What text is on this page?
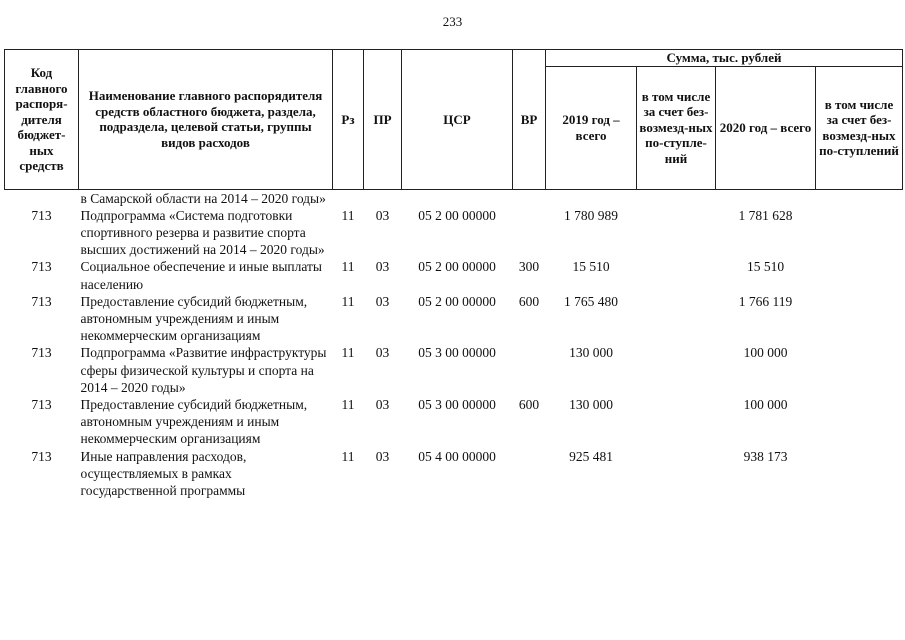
233
Код главного распоря-дителя бюджет-ных средств	Наименование главного распорядителя средств областного бюджета, раздела, подраздела, целевой статьи, группы видов расходов	Рз	ПР	ЦСР	ВР	Сумма, тыс. рублей			
						2019 год – всего	в том числе за счет без-возмезд-ных по-ступле-ний	2020 год – всего	в том числе за счет без-возмезд-ных по-ступлений
	в Самарской области на 2014 – 2020 годы»								
713	Подпрограмма «Система подготовки спортивного резерва и развитие спорта высших достижений на 2014 – 2020 годы»	11	03	05 2 00 00000		1 780 989		1 781 628	
713	Социальное обеспечение и иные выплаты населению	11	03	05 2 00 00000	300	15 510		15 510	
713	Предоставление субсидий бюджетным, автономным учреждениям и иным некоммерческим организациям	11	03	05 2 00 00000	600	1 765 480		1 766 119	
713	Подпрограмма «Развитие инфраструктуры сферы физической культуры и спорта на 2014 – 2020 годы»	11	03	05 3 00 00000		130 000		100 000	
713	Предоставление субсидий бюджетным, автономным учреждениям и иным некоммерческим организациям	11	03	05 3 00 00000	600	130 000		100 000	
713	Иные направления расходов, осуществляемых в рамках государственной программы	11	03	05 4 00 00000		925 481		938 173	
